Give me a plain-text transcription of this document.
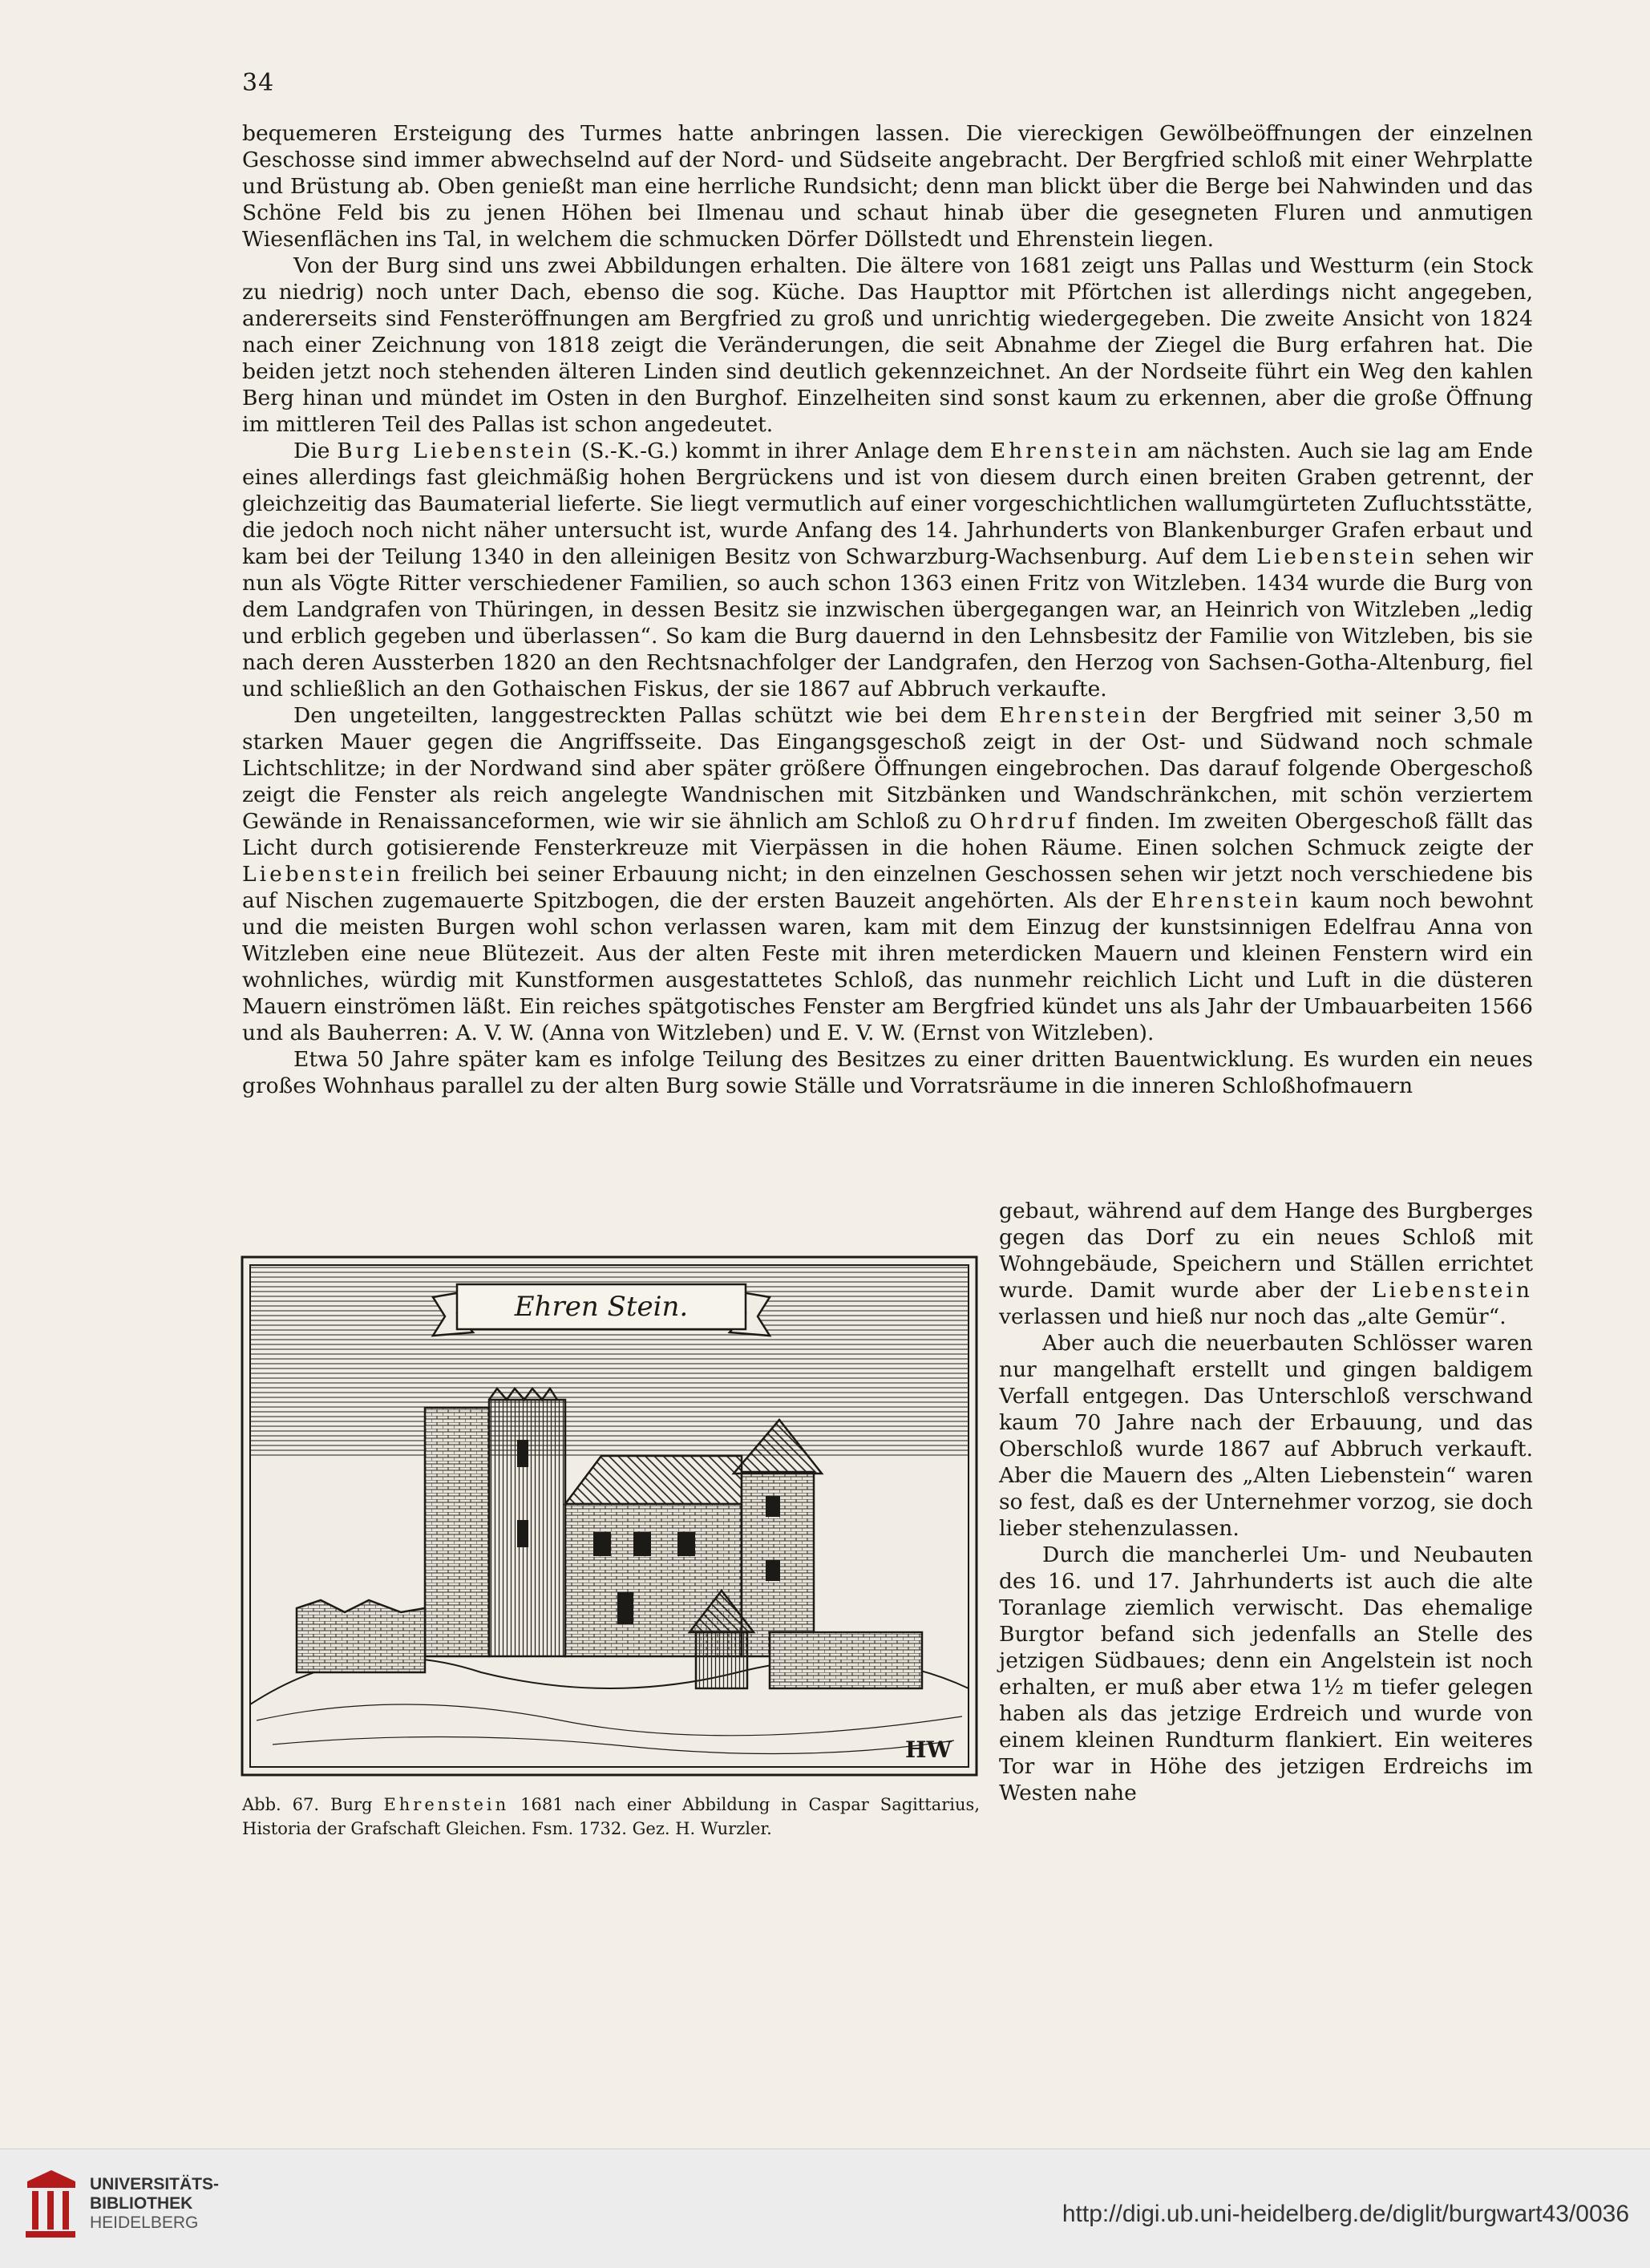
34

bequemeren Ersteigung des Turmes hatte anbringen lassen. Die viereckigen Gewölbeöffnungen der einzelnen Geschosse sind immer abwechselnd auf der Nord- und Südseite angebracht. Der Bergfried schloß mit einer Wehrplatte und Brüstung ab. Oben genießt man eine herrliche Rundsicht; denn man blickt über die Berge bei Nahwinden und das Schöne Feld bis zu jenen Höhen bei Ilmenau und schaut hinab über die gesegneten Fluren und anmutigen Wiesenflächen ins Tal, in welchem die schmucken Dörfer Döllstedt und Ehrenstein liegen.

Von der Burg sind uns zwei Abbildungen erhalten. Die ältere von 1681 zeigt uns Pallas und Westturm (ein Stock zu niedrig) noch unter Dach, ebenso die sog. Küche. Das Haupttor mit Pförtchen ist allerdings nicht angegeben, andererseits sind Fensteröffnungen am Bergfried zu groß und unrichtig wiedergegeben. Die zweite Ansicht von 1824 nach einer Zeichnung von 1818 zeigt die Veränderungen, die seit Abnahme der Ziegel die Burg erfahren hat. Die beiden jetzt noch stehenden älteren Linden sind deutlich gekennzeichnet. An der Nordseite führt ein Weg den kahlen Berg hinan und mündet im Osten in den Burghof. Einzelheiten sind sonst kaum zu erkennen, aber die große Öffnung im mittleren Teil des Pallas ist schon angedeutet.

Die Burg Liebenstein (S.-K.-G.) kommt in ihrer Anlage dem Ehrenstein am nächsten. Auch sie lag am Ende eines allerdings fast gleichmäßig hohen Bergrückens und ist von diesem durch einen breiten Graben getrennt, der gleichzeitig das Baumaterial lieferte. Sie liegt vermutlich auf einer vorgeschichtlichen wallumgürteten Zufluchtsstätte, die jedoch noch nicht näher untersucht ist, wurde Anfang des 14. Jahrhunderts von Blankenburger Grafen erbaut und kam bei der Teilung 1340 in den alleinigen Besitz von Schwarzburg-Wachsenburg. Auf dem Liebenstein sehen wir nun als Vögte Ritter verschiedener Familien, so auch schon 1363 einen Fritz von Witzleben. 1434 wurde die Burg von dem Landgrafen von Thüringen, in dessen Besitz sie inzwischen übergegangen war, an Heinrich von Witzleben „ledig und erblich gegeben und überlassen“. So kam die Burg dauernd in den Lehnsbesitz der Familie von Witzleben, bis sie nach deren Aussterben 1820 an den Rechtsnachfolger der Landgrafen, den Herzog von Sachsen-Gotha-Altenburg, fiel und schließlich an den Gothaischen Fiskus, der sie 1867 auf Abbruch verkaufte.

Den ungeteilten, langgestreckten Pallas schützt wie bei dem Ehrenstein der Bergfried mit seiner 3,50 m starken Mauer gegen die Angriffsseite. Das Eingangsgeschoß zeigt in der Ost- und Südwand noch schmale Lichtschlitze; in der Nordwand sind aber später größere Öffnungen eingebrochen. Das darauf folgende Obergeschoß zeigt die Fenster als reich angelegte Wandnischen mit Sitzbänken und Wandschränkchen, mit schön verziertem Gewände in Renaissanceformen, wie wir sie ähnlich am Schloß zu Ohrdruf finden. Im zweiten Obergeschoß fällt das Licht durch gotisierende Fensterkreuze mit Vierpässen in die hohen Räume. Einen solchen Schmuck zeigte der Liebenstein freilich bei seiner Erbauung nicht; in den einzelnen Geschossen sehen wir jetzt noch verschiedene bis auf Nischen zugemauerte Spitzbogen, die der ersten Bauzeit angehörten. Als der Ehrenstein kaum noch bewohnt und die meisten Burgen wohl schon verlassen waren, kam mit dem Einzug der kunstsinnigen Edelfrau Anna von Witzleben eine neue Blütezeit. Aus der alten Feste mit ihren meterdicken Mauern und kleinen Fenstern wird ein wohnliches, würdig mit Kunstformen ausgestattetes Schloß, das nunmehr reichlich Licht und Luft in die düsteren Mauern einströmen läßt. Ein reiches spätgotisches Fenster am Bergfried kündet uns als Jahr der Umbauarbeiten 1566 und als Bauherren: A. V. W. (Anna von Witzleben) und E. V. W. (Ernst von Witzleben).

Etwa 50 Jahre später kam es infolge Teilung des Besitzes zu einer dritten Bauentwicklung. Es wurden ein neues großes Wohnhaus parallel zu der alten Burg sowie Ställe und Vorratsräume in die inneren Schloßhofmauern

Ehren Stein.
HW

Abb. 67. Burg Ehrenstein 1681 nach einer Abbildung in Caspar Sagittarius, Historia der Grafschaft Gleichen. Fsm. 1732. Gez. H. Wurzler.

gebaut, während auf dem Hange des Burgberges gegen das Dorf zu ein neues Schloß mit Wohngebäude, Speichern und Ställen errichtet wurde. Damit wurde aber der Liebenstein verlassen und hieß nur noch das „alte Gemür“.

Aber auch die neuerbauten Schlösser waren nur mangelhaft erstellt und gingen baldigem Verfall entgegen. Das Unterschloß verschwand kaum 70 Jahre nach der Erbauung, und das Oberschloß wurde 1867 auf Abbruch verkauft. Aber die Mauern des „Alten Liebenstein“ waren so fest, daß es der Unternehmer vorzog, sie doch lieber stehenzulassen.

Durch die mancherlei Um- und Neubauten des 16. und 17. Jahrhunderts ist auch die alte Toranlage ziemlich verwischt. Das ehemalige Burgtor befand sich jedenfalls an Stelle des jetzigen Südbaues; denn ein Angelstein ist noch erhalten, er muß aber etwa 1½ m tiefer gelegen haben als das jetzige Erdreich und wurde von einem kleinen Rundturm flankiert. Ein weiteres Tor war in Höhe des jetzigen Erdreichs im Westen nahe

UNIVERSITÄTS-
BIBLIOTHEK
HEIDELBERG	http://digi.ub.uni-heidelberg.de/diglit/burgwart43/0036
